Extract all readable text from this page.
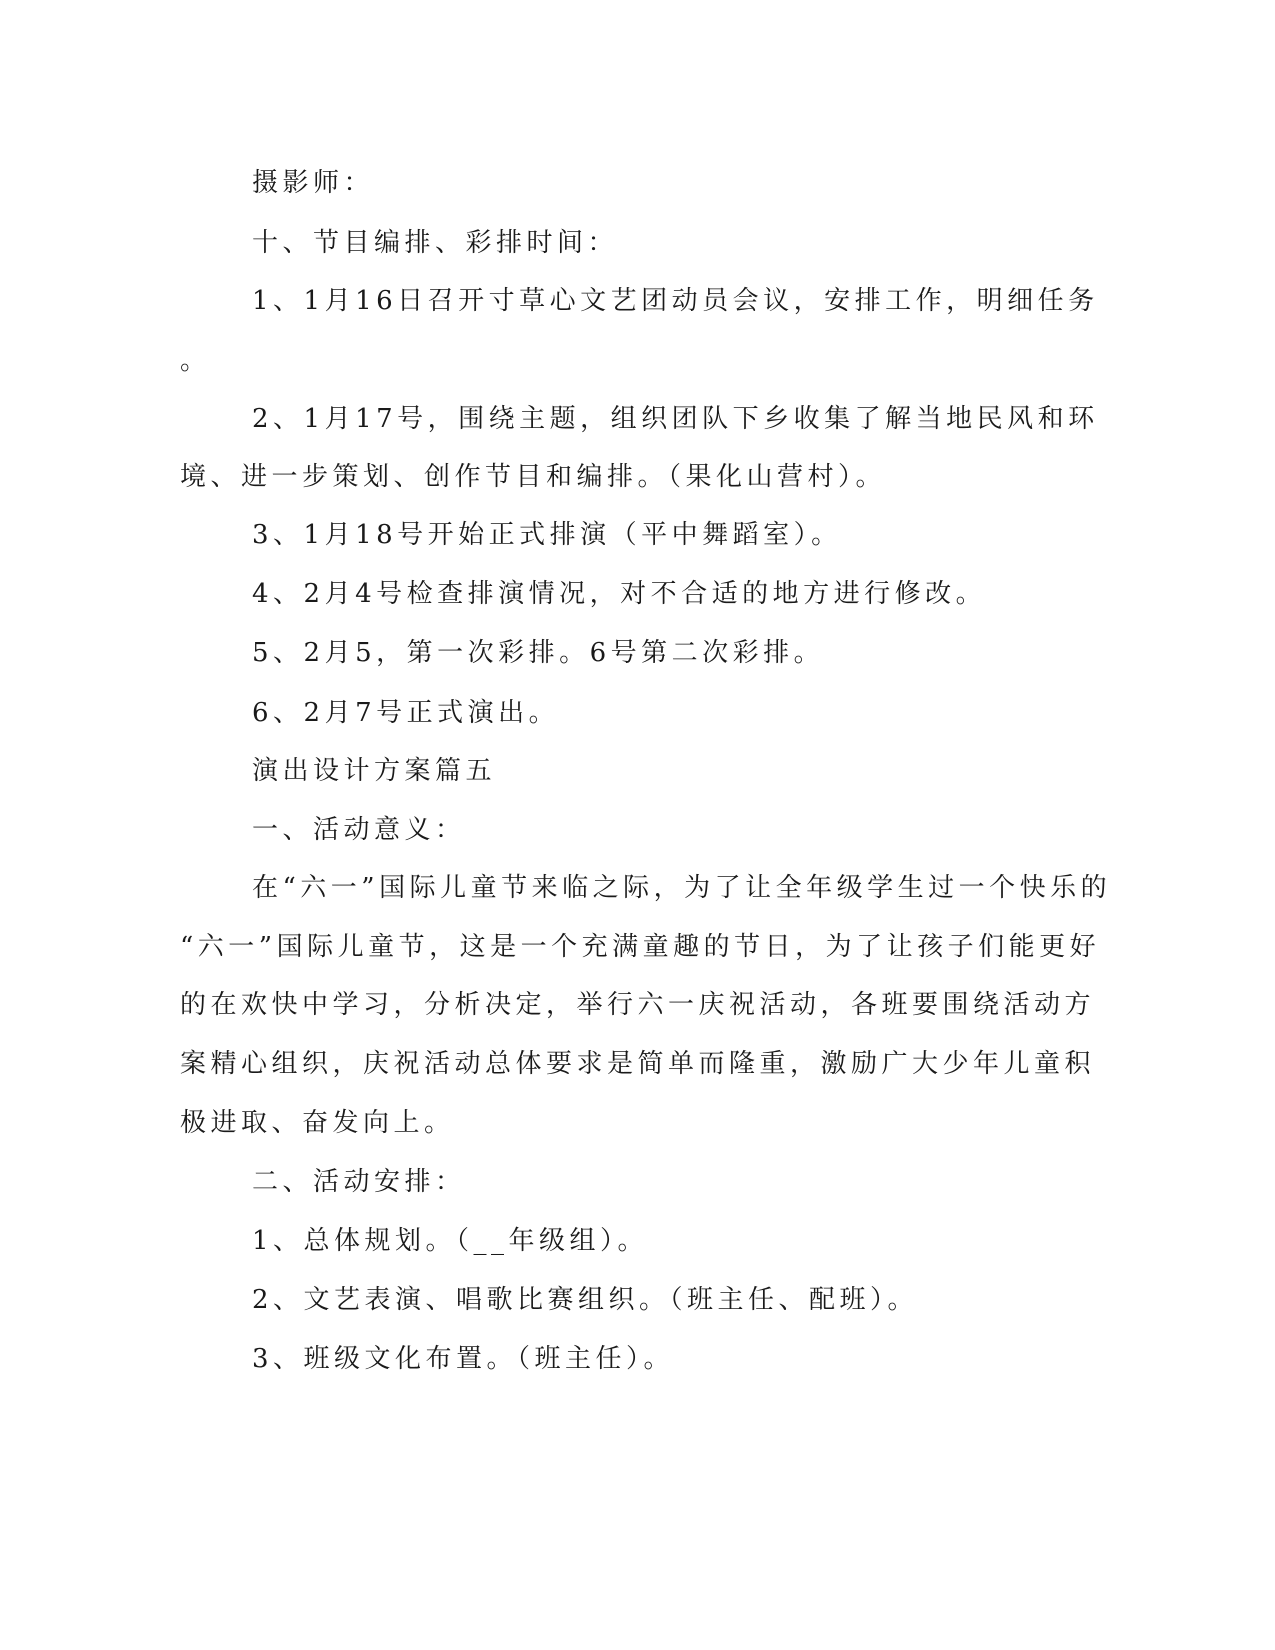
摄影师：

十、节目编排、彩排时间：

1、1月16日召开寸草心文艺团动员会议，安排工作，明细任务

。

2、1月17号，围绕主题，组织团队下乡收集了解当地民风和环

境、进一步策划、创作节目和编排。（果化山营村）。

3、1月18号开始正式排演（平中舞蹈室）。

4、2月4号检查排演情况，对不合适的地方进行修改。

5、2月5，第一次彩排。6号第二次彩排。

6、2月7号正式演出。

演出设计方案篇五

一、活动意义：

在“六一”国际儿童节来临之际，为了让全年级学生过一个快乐的

“六一”国际儿童节，这是一个充满童趣的节日，为了让孩子们能更好

的在欢快中学习，分析决定，举行六一庆祝活动，各班要围绕活动方

案精心组织，庆祝活动总体要求是简单而隆重，激励广大少年儿童积

极进取、奋发向上。

二、活动安排：

1、总体规划。（__年级组）。

2、文艺表演、唱歌比赛组织。（班主任、配班）。

3、班级文化布置。（班主任）。
